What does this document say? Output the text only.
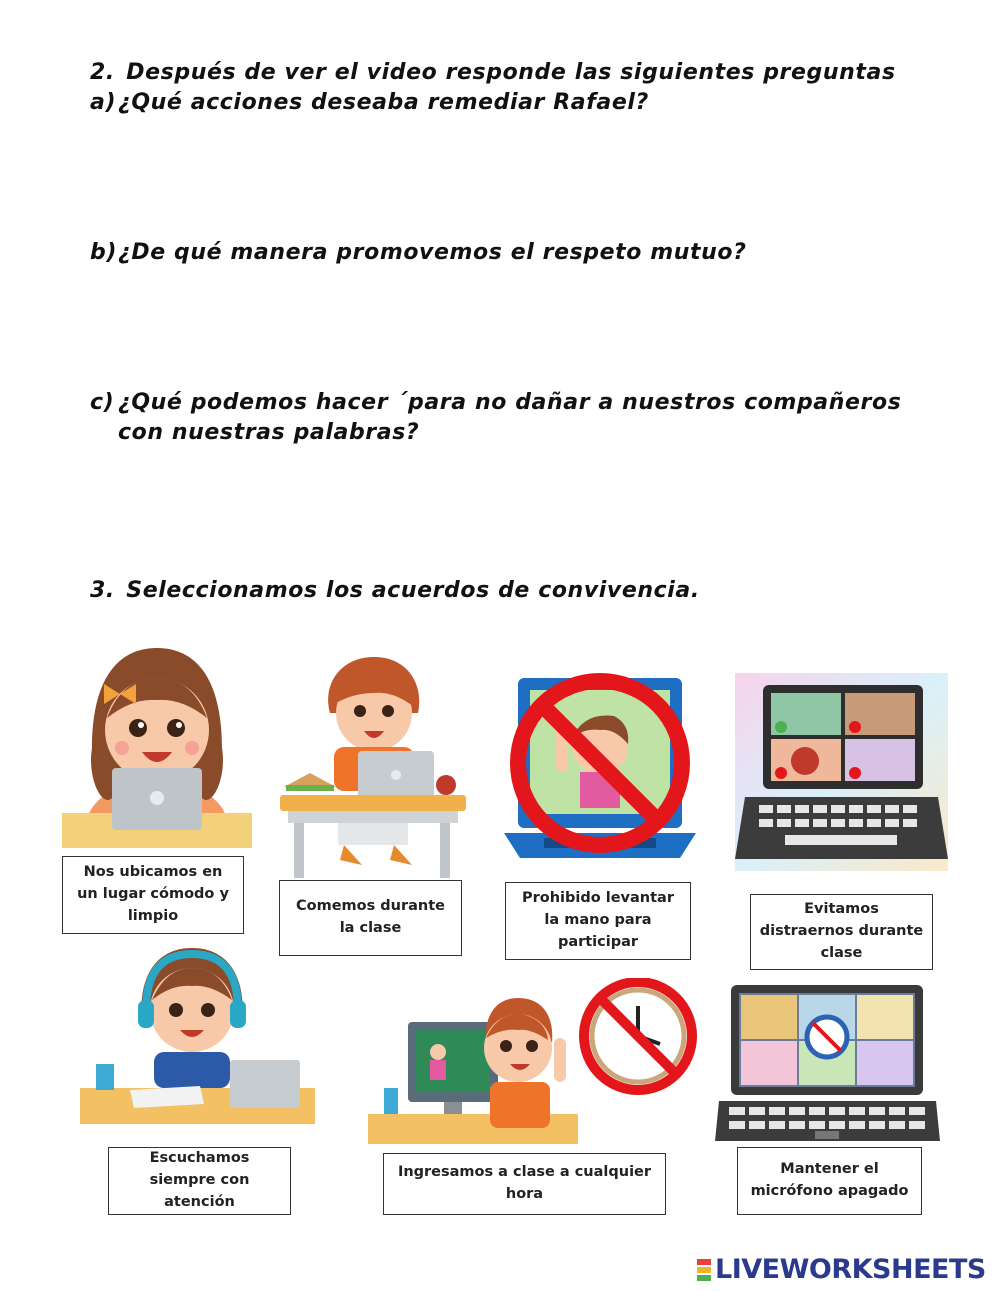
2. Después de ver el video responde las siguientes preguntas
a)¿Qué acciones deseaba remediar Rafael?
b)¿De qué manera promovemos el respeto mutuo?
c) ¿Qué podemos hacer ´para no dañar a nuestros compañeros
con nuestras palabras?
3. Seleccionamos los acuerdos de convivencia.
Nos ubicamos en un lugar cómodo y limpio
Comemos durante la clase
Prohibido levantar la mano para participar
Evitamos distraernos durante clase
Escuchamos siempre con atención
Ingresamos a clase a cualquier hora
Mantener el micrófono apagado
LIVEWORKSHEETS
